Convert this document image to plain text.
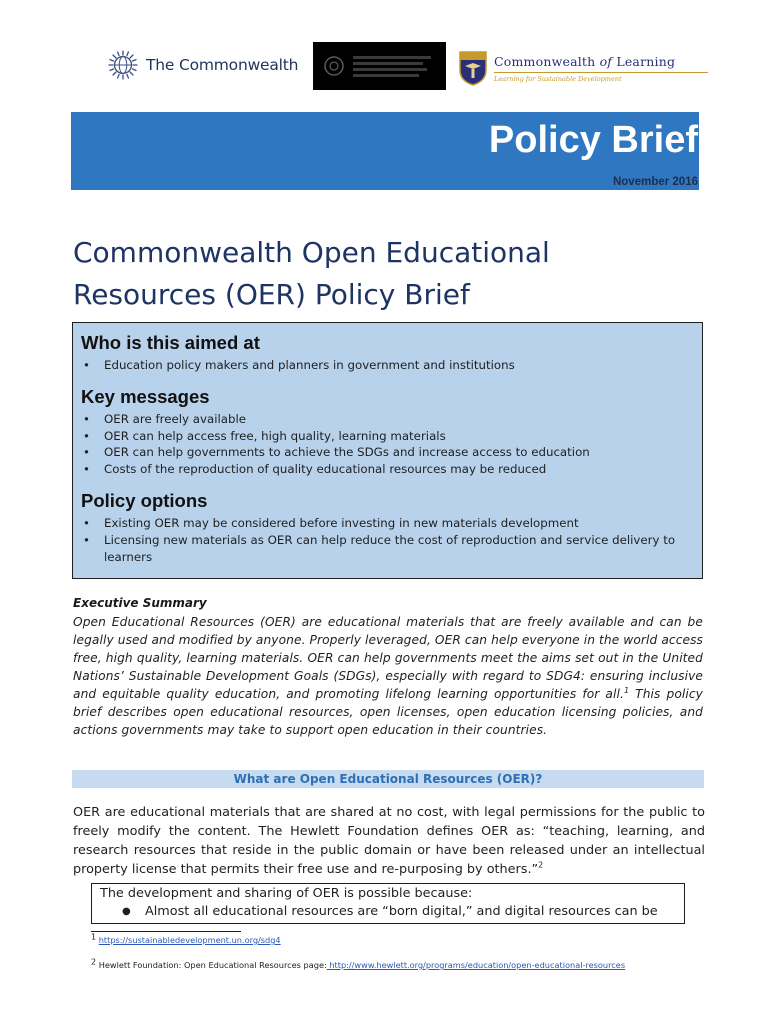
The Commonwealth	Commonwealth of Learning
Learning for Sustainable Development
Policy Brief
November 2016
Commonwealth Open Educational Resources (OER) Policy Brief
Who is this aimed at
• Education policy makers and planners in government and institutions
Key messages
• OER are freely available
• OER can help access free, high quality, learning materials
• OER can help governments to achieve the SDGs and increase access to education
• Costs of the reproduction of quality educational resources may be reduced
Policy options
• Existing OER may be considered before investing in new materials development
• Licensing new materials as OER can help reduce the cost of reproduction and service delivery to learners
Executive Summary

Open Educational Resources (OER) are educational materials that are freely available and can be legally used and modified by anyone. Properly leveraged, OER can help everyone in the world access free, high quality, learning materials. OER can help governments meet the aims set out in the United Nations’ Sustainable Development Goals (SDGs), especially with regard to SDG4: ensuring inclusive and equitable quality education, and promoting lifelong learning opportunities for all.$^1$ This policy brief describes open educational resources, open licenses, open education licensing policies, and actions governments may take to support open education in their countries.

What are Open Educational Resources (OER)?

OER are educational materials that are shared at no cost, with legal permissions for the public to freely modify the content. The Hewlett Foundation defines OER as: “teaching, learning, and research resources that reside in the public domain or have been released under an intellectual property license that permits their free use and re-purposing by others.”$^2$

The development and sharing of OER is possible because:
● Almost all educational resources are “born digital,” and digital resources can be
$^1$ https://sustainabledevelopment.un.org/sdg4
$^2$ Hewlett Foundation: Open Educational Resources page: http://www.hewlett.org/programs/education/open-educational-resources
